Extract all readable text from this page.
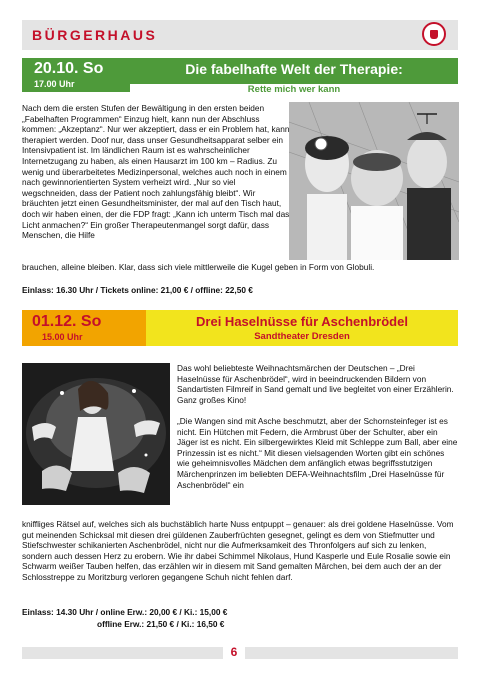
BÜRGERHAUS
20.10. So
17.00 Uhr
Die fabelhafte Welt der Therapie:
Rette mich wer kann

Nach dem die ersten Stufen der Bewältigung in den ersten beiden „Fabelhaften Programmen“ Einzug hielt, kann nun der Abschluss kommen: „Akzeptanz“. Nur wer akzeptiert, dass er ein Problem hat, kann therapiert werden. Doof nur, dass unser Gesundheitsapparat selber ein Intensivpatient ist. Im ländlichen Raum ist es wahrscheinlicher Internetzugang zu haben, als einen Hausarzt im 100 km – Radius. Zu wenig und überarbeitetes Medizinpersonal, welches auch noch in einem nach gewinnorientierten System verheizt wird. „Nur so viel wegschneiden, dass der Patient noch zahlungsfähig bleibt“. Wir bräuchten jetzt einen Gesundheitsminister, der mal auf den Tisch haut, doch wir haben einen, der die FDP fragt: „Kann ich unterm Tisch mal das Licht anmachen?“ Ein großer Therapeutenmangel sorgt dafür, dass Menschen, die Hilfe

brauchen, alleine bleiben. Klar, dass sich viele mittlerweile die Kugel geben in Form von Globuli.
Einlass: 16.30 Uhr / Tickets online: 21,00 € / offline: 22,50 €
01.12. So
15.00 Uhr
Drei Haselnüsse für Aschenbrödel
Sandtheater Dresden
Das wohl beliebteste Weihnachtsmärchen der Deutschen – „Drei Haselnüsse für Aschenbrödel“, wird in beeindruckenden Bildern von Sandartisten Filmreif in Sand gemalt und live begleitet von einer Erzählerin. Ganz großes Kino!
„Die Wangen sind mit Asche beschmutzt, aber der Schornsteinfeger ist es nicht. Ein Hütchen mit Federn, die Armbrust über der Schulter, aber ein Jäger ist es nicht. Ein silbergewirktes Kleid mit Schleppe zum Ball, aber eine Prinzessin ist es nicht.“ Mit diesen vielsagenden Worten gibt ein schönes wie geheimnisvolles Mädchen dem anfänglich etwas begriffsstutzigen Märchenprinzen im beliebten DEFA-Weihnachtsfilm „Drei Haselnüsse für Aschenbrödel“ ein
kniffliges Rätsel auf, welches sich als buchstäblich harte Nuss entpuppt – genauer: als drei goldene Haselnüsse. Vom gut meinenden Schicksal mit diesen drei güldenen Zauberfrüchten gesegnet, gelingt es dem von Stiefmutter und Stiefschwester schikanierten Aschenbrödel, nicht nur die Aufmerksamkeit des Thronfolgers auf sich zu lenken, sondern auch dessen Herz zu erobern. Wie ihr dabei Schimmel Nikolaus, Hund Kasperle und Eule Rosalie sowie ein Schwarm weißer Tauben helfen, das erzählen wir in diesem mit Sand gemalten Märchen, bei dem auch der an der Schlosstreppe zu Moritzburg verloren gegangene Schuh nicht fehlen darf.
Einlass: 14.30 Uhr / online Erw.: 20,00 € / Ki.: 15,00 €
offline Erw.: 21,50 € / Ki.: 16,50 €
6
